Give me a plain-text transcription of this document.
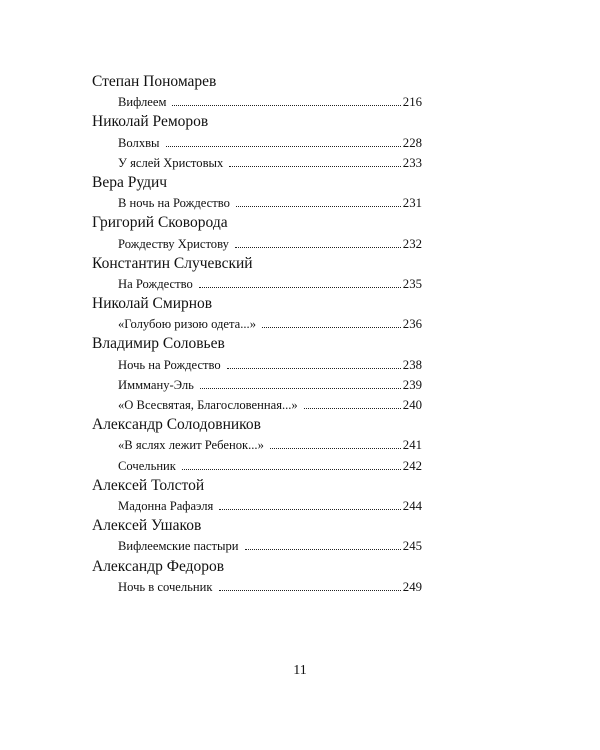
Степан Пономарев
Вифлеем	216
Николай Реморов
Волхвы	228
У яслей Христовых	233
Вера Рудич
В ночь на Рождество	231
Григорий Сковорода
Рождеству Христову	232
Константин Случевский
На Рождество	235
Николай Смирнов
«Голубою ризою одета...»	236
Владимир Соловьев
Ночь на Рождество	238
Иммману-Эль	239
«О Всесвятая, Благословенная...»	240
Александр Солодовников
«В яслях лежит Ребенок...»	241
Сочельник	242
Алексей Толстой
Мадонна Рафаэля	244
Алексей Ушаков
Вифлеемские пастыри	245
Александр Федоров
Ночь в сочельник	249
11
